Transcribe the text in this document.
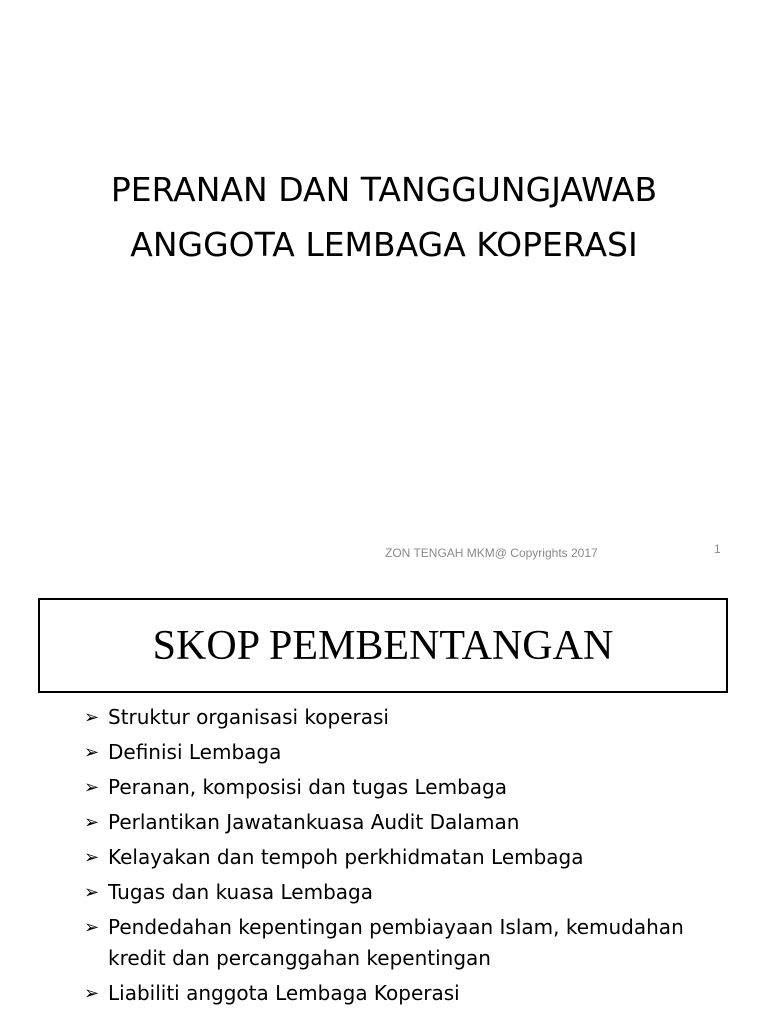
PERANAN DAN TANGGUNGJAWAB
ANGGOTA LEMBAGA KOPERASI
ZON TENGAH MKM@ Copyrights 2017	1
SKOP PEMBENTANGAN
➢ Struktur organisasi koperasi
➢ Definisi Lembaga
➢ Peranan, komposisi dan tugas Lembaga
➢ Perlantikan Jawatankuasa Audit Dalaman
➢ Kelayakan dan tempoh perkhidmatan Lembaga
➢ Tugas dan kuasa Lembaga
➢ Pendedahan kepentingan pembiayaan Islam, kemudahan kredit dan percanggahan kepentingan
➢ Liabiliti anggota Lembaga Koperasi
